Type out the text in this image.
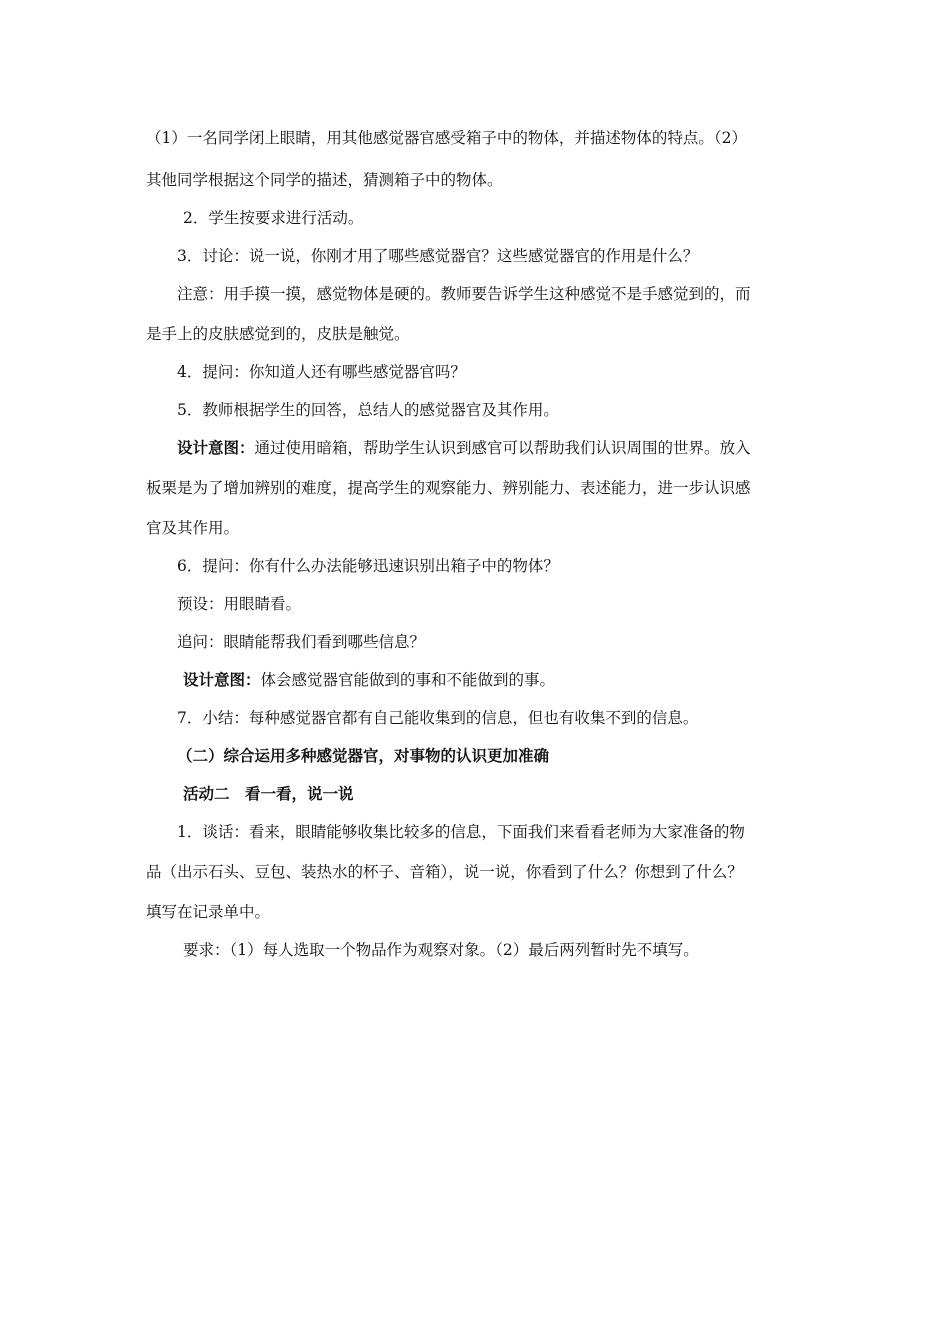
（1）一名同学闭上眼睛，用其他感觉器官感受箱子中的物体，并描述物体的特点。（2）
其他同学根据这个同学的描述，猜测箱子中的物体。
2．学生按要求进行活动。
3．讨论：说一说，你刚才用了哪些感觉器官？这些感觉器官的作用是什么？
注意：用手摸一摸，感觉物体是硬的。教师要告诉学生这种感觉不是手感觉到的，而
是手上的皮肤感觉到的，皮肤是触觉。
4．提问：你知道人还有哪些感觉器官吗？
5．教师根据学生的回答，总结人的感觉器官及其作用。
设计意图：通过使用暗箱，帮助学生认识到感官可以帮助我们认识周围的世界。放入
板栗是为了增加辨别的难度，提高学生的观察能力、辨别能力、表述能力，进一步认识感
官及其作用。
6．提问：你有什么办法能够迅速识别出箱子中的物体？
预设：用眼睛看。
追问：眼睛能帮我们看到哪些信息？
设计意图：体会感觉器官能做到的事和不能做到的事。
7．小结：每种感觉器官都有自己能收集到的信息，但也有收集不到的信息。
（二）综合运用多种感觉器官，对事物的认识更加准确
活动二　看一看，说一说
1．谈话：看来，眼睛能够收集比较多的信息，下面我们来看看老师为大家准备的物
品（出示石头、豆包、装热水的杯子、音箱），说一说，你看到了什么？你想到了什么？
填写在记录单中。
要求：（1）每人选取一个物品作为观察对象。（2）最后两列暂时先不填写。
